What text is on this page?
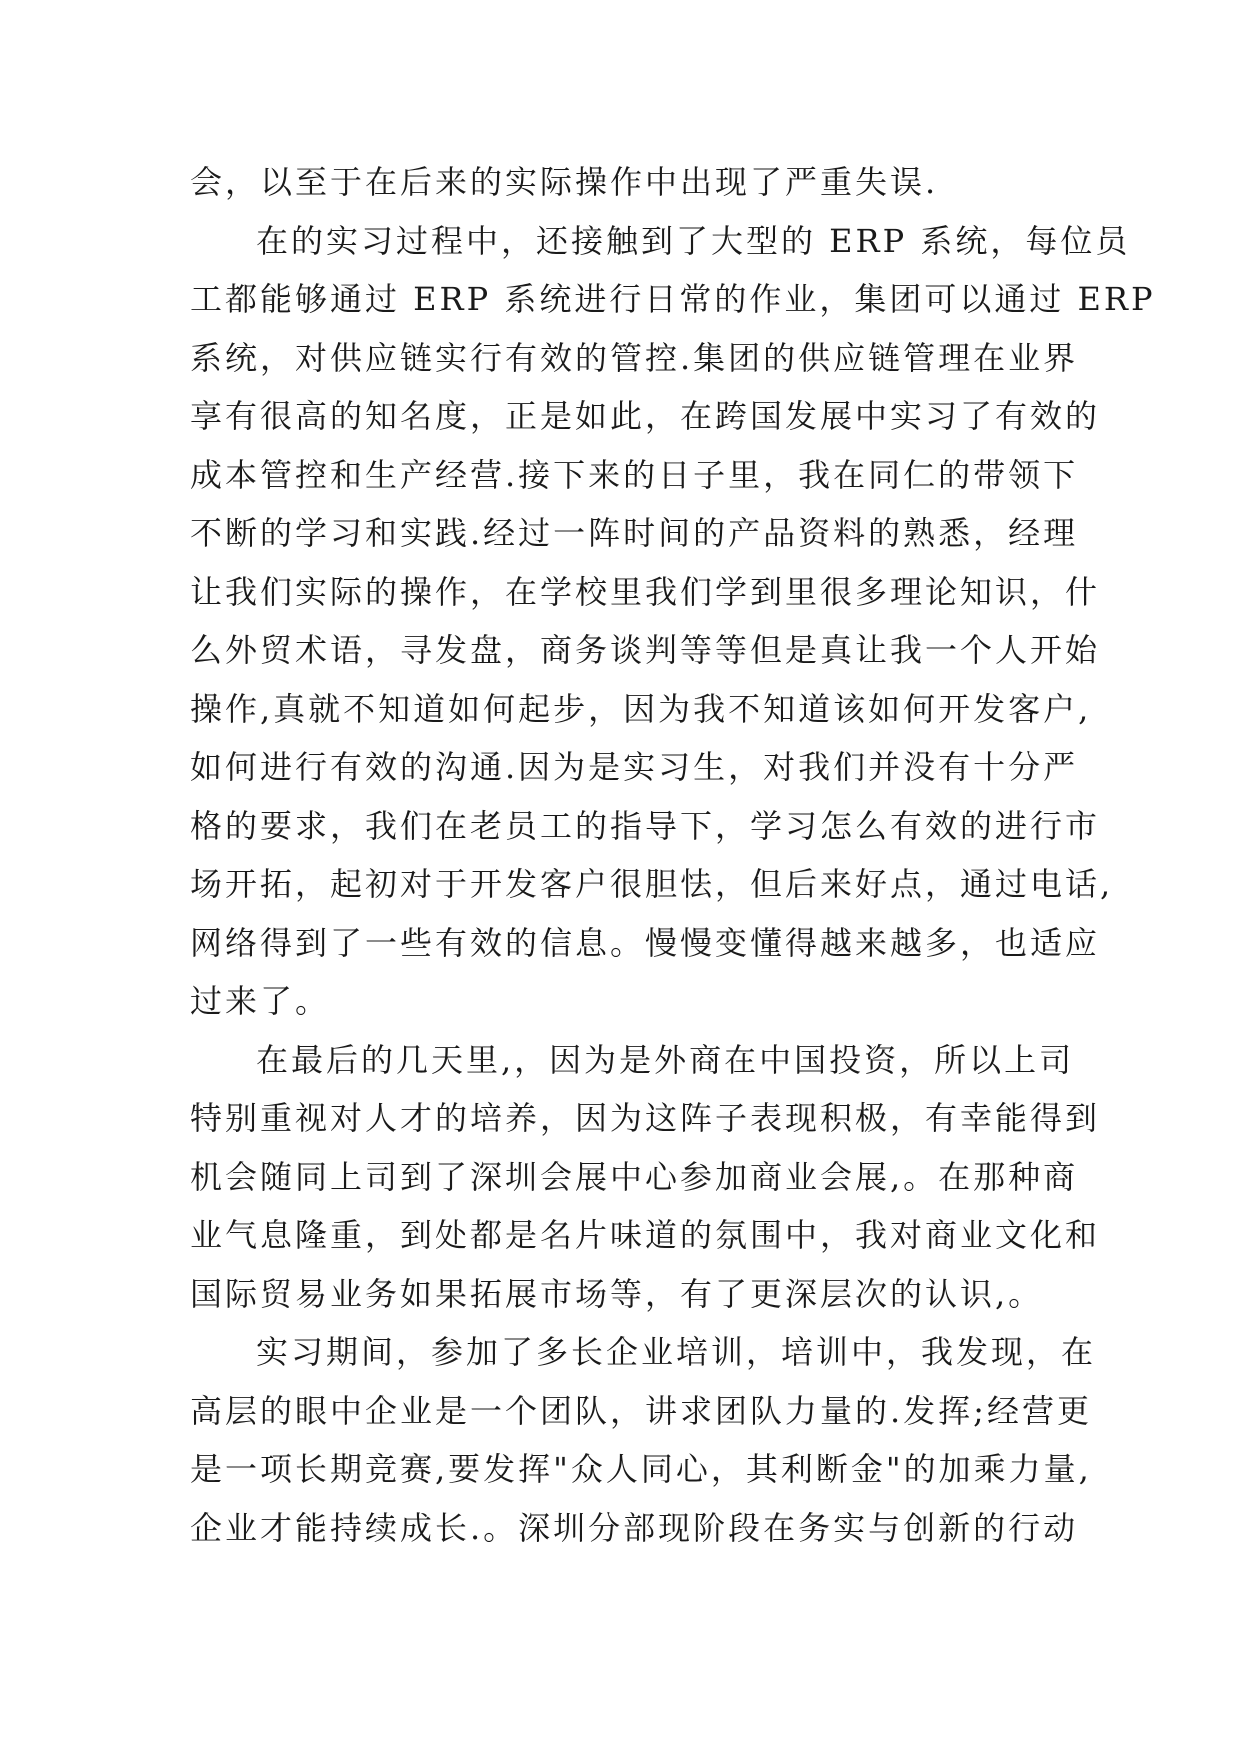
会，以至于在后来的实际操作中出现了严重失误.
在的实习过程中，还接触到了大型的 ERP 系统，每位员
工都能够通过 ERP 系统进行日常的作业，集团可以通过 ERP
系统，对供应链实行有效的管控.集团的供应链管理在业界
享有很高的知名度，正是如此，在跨国发展中实习了有效的
成本管控和生产经营.接下来的日子里，我在同仁的带领下
不断的学习和实践.经过一阵时间的产品资料的熟悉，经理
让我们实际的操作，在学校里我们学到里很多理论知识，什
么外贸术语，寻发盘，商务谈判等等但是真让我一个人开始
操作,真就不知道如何起步，因为我不知道该如何开发客户,
如何进行有效的沟通.因为是实习生，对我们并没有十分严
格的要求，我们在老员工的指导下，学习怎么有效的进行市
场开拓，起初对于开发客户很胆怯，但后来好点，通过电话,
网络得到了一些有效的信息。慢慢变懂得越来越多，也适应
过来了。
在最后的几天里,，因为是外商在中国投资，所以上司
特别重视对人才的培养，因为这阵子表现积极，有幸能得到
机会随同上司到了深圳会展中心参加商业会展,。在那种商
业气息隆重，到处都是名片味道的氛围中，我对商业文化和
国际贸易业务如果拓展市场等，有了更深层次的认识,。
实习期间，参加了多长企业培训，培训中，我发现，在
高层的眼中企业是一个团队，讲求团队力量的.发挥;经营更
是一项长期竞赛,要发挥"众人同心，其利断金"的加乘力量,
企业才能持续成长.。深圳分部现阶段在务实与创新的行动
